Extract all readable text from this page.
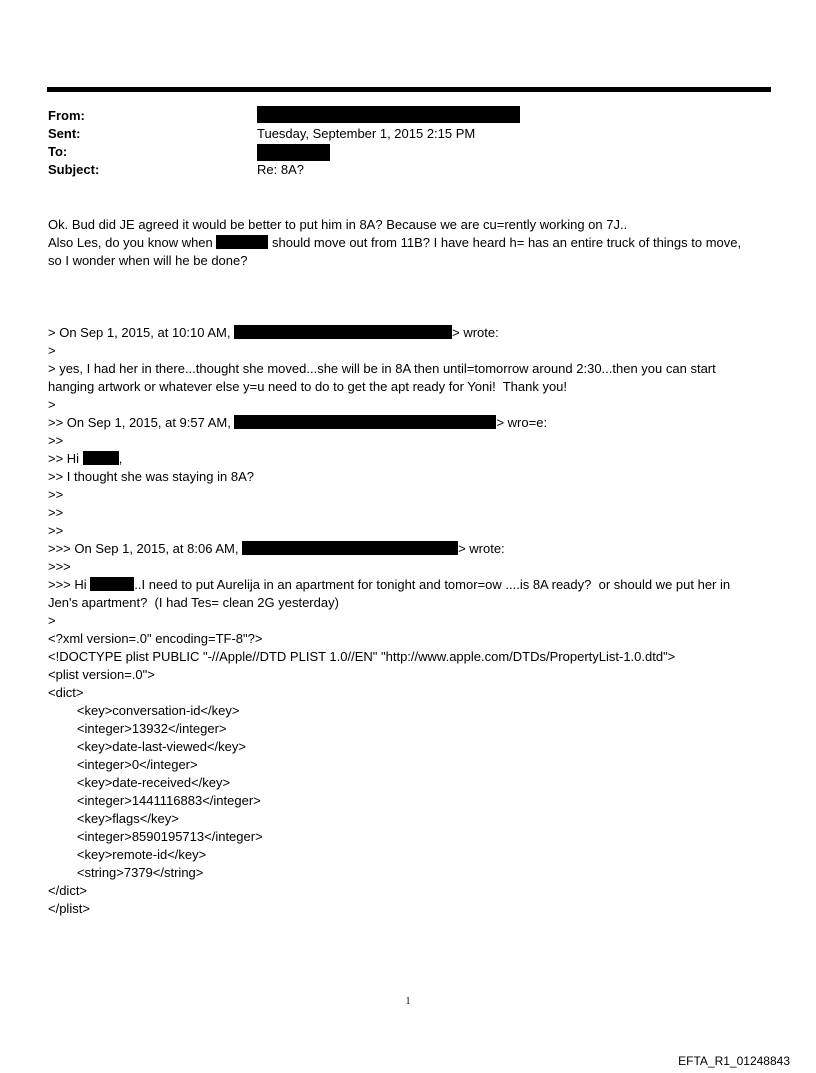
From:
Sent:	Tuesday, September 1, 2015 2:15 PM
To:
Subject:	Re: 8A?
Ok. Bud did JE agreed it would be better to put him in 8A? Because we are cu=rently working on 7J..
Also Les, do you know when	should move out from 11B? I have heard h= has an entire truck of things to move,
so I wonder when will he be done?
> On Sep 1, 2015, at 10:10 AM,	> wrote:
>
> yes, I had her in there...thought she moved...she will be in 8A then until=tomorrow around 2:30...then you can start
hanging artwork or whatever else y=u need to do to get the apt ready for Yoni!  Thank you!
>
>> On Sep 1, 2015, at 9:57 AM,	> wro=e:
>>
>> Hi	,
>> I thought she was staying in 8A?
>>
>>
>>
>>> On Sep 1, 2015, at 8:06 AM,	> wrote:
>>>
>>> Hi	..I need to put Aurelija in an apartment for tonight and tomor=ow ....is 8A ready?  or should we put her in
Jen's apartment?  (I had Tes= clean 2G yesterday)
>
<?xml version=.0" encoding=TF-8"?>
<!DOCTYPE plist PUBLIC "-//Apple//DTD PLIST 1.0//EN" "http://www.apple.com/DTDs/PropertyList-1.0.dtd">
<plist version=.0">
<dict>
<key>conversation-id</key>
<integer>13932</integer>
<key>date-last-viewed</key>
<integer>0</integer>
<key>date-received</key>
<integer>1441116883</integer>
<key>flags</key>
<integer>8590195713</integer>
<key>remote-id</key>
<string>7379</string>
</dict>
</plist>
1
EFTA_R1_01248843
